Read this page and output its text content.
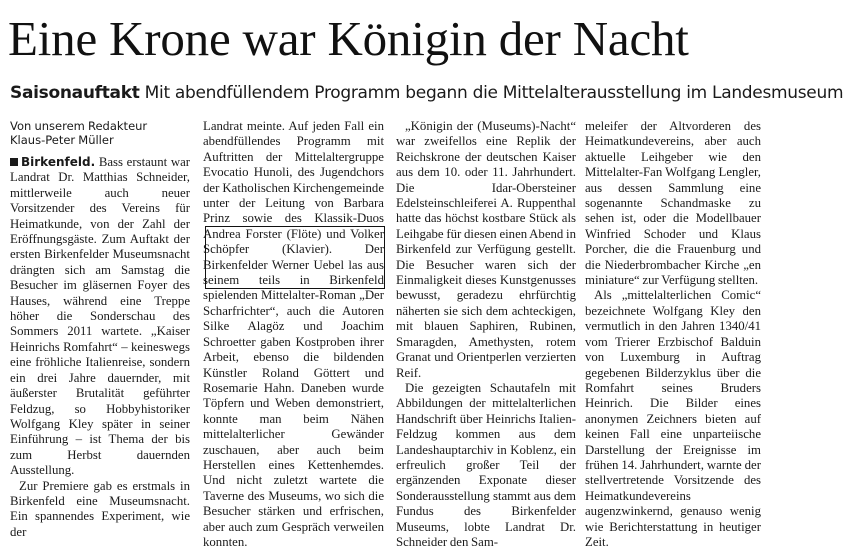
Eine Krone war Königin der Nacht
Saisonauftakt Mit abendfüllendem Programm begann die Mittelalterausstellung im Landesmuseum
Von unserem Redakteur
Klaus-Peter Müller

Birkenfeld. Bass erstaunt war Landrat Dr. Matthias Schneider, mittlerweile auch neuer Vorsitzender des Vereins für Heimatkunde, von der Zahl der Eröffnungsgäste. Zum Auftakt der ersten Birkenfelder Museumsnacht drängten sich am Samstag die Besucher im gläsernen Foyer des Hauses, während eine Treppe höher die Sonderschau des Sommers 2011 wartete. „Kaiser Heinrichs Romfahrt“ – keineswegs eine fröhliche Italienreise, sondern ein drei Jahre dauernder, mit äußerster Brutalität geführter Feldzug, so Hobbyhistoriker Wolfgang Kley später in seiner Einführung – ist Thema der bis zum Herbst dauernden Ausstellung.

Zur Premiere gab es erstmals in Birkenfeld eine Museumsnacht. Ein spannendes Experiment, wie der

Landrat meinte. Auf jeden Fall ein abendfüllendes Programm mit Auftritten der Mittelaltergruppe Evocatio Hunoli, des Jugendchors der Katholischen Kirchengemeinde unter der Leitung von Barbara Prinz sowie des Klassik-Duos Andrea Forster (Flöte) und Volker Schöpfer (Klavier). Der Birkenfelder Werner Uebel las aus seinem teils in Birkenfeld spielenden Mittelalter-Roman „Der Scharfrichter“, auch die Autoren Silke Alagöz und Joachim Schroetter gaben Kostproben ihrer Arbeit, ebenso die bildenden Künstler Roland Göttert und Rosemarie Hahn. Daneben wurde Töpfern und Weben demonstriert, konnte man beim Nähen mittelalterlicher Gewänder zuschauen, aber auch beim Herstellen eines Kettenhemdes. Und nicht zuletzt wartete die Taverne des Museums, wo sich die Besucher stärken und erfrischen, aber auch zum Gespräch verweilen konnten.

„Königin der (Museums)-Nacht“ war zweifellos eine Replik der Reichskrone der deutschen Kaiser aus dem 10. oder 11. Jahrhundert. Die Idar-Obersteiner Edelsteinschleiferei A. Ruppenthal hatte das höchst kostbare Stück als Leihgabe für diesen einen Abend in Birkenfeld zur Verfügung gestellt. Die Besucher waren sich der Einmaligkeit dieses Kunstgenusses bewusst, geradezu ehrfürchtig näherten sie sich dem achteckigen, mit blauen Saphiren, Rubinen, Smaragden, Amethysten, rotem Granat und Orientperlen verzierten Reif.

Die gezeigten Schautafeln mit Abbildungen der mittelalterlichen Handschrift über Heinrichs Italien-Feldzug kommen aus dem Landeshauptarchiv in Koblenz, ein erfreulich großer Teil der ergänzenden Exponate dieser Sonderausstellung stammt aus dem Fundus des Birkenfelder Museums, lobte Landrat Dr. Schneider den Sam-

meleifer der Altvorderen des Heimatkundevereins, aber auch aktuelle Leihgeber wie den Mittelalter-Fan Wolfgang Lengler, aus dessen Sammlung eine sogenannte Schandmaske zu sehen ist, oder die Modellbauer Winfried Schoder und Klaus Porcher, die die Frauenburg und die Niederbrombacher Kirche „en miniature“ zur Verfügung stellten.

Als „mittelalterlichen Comic“ bezeichnete Wolfgang Kley den vermutlich in den Jahren 1340/41 vom Trierer Erzbischof Balduin von Luxemburg in Auftrag gegebenen Bilderzyklus über die Romfahrt seines Bruders Heinrich. Die Bilder eines anonymen Zeichners bieten auf keinen Fall eine unparteiische Darstellung der Ereignisse im frühen 14. Jahrhundert, warnte der stellvertretende Vorsitzende des Heimatkundevereins augenzwinkernd, genauso wenig wie Berichterstattung in heutiger Zeit.
